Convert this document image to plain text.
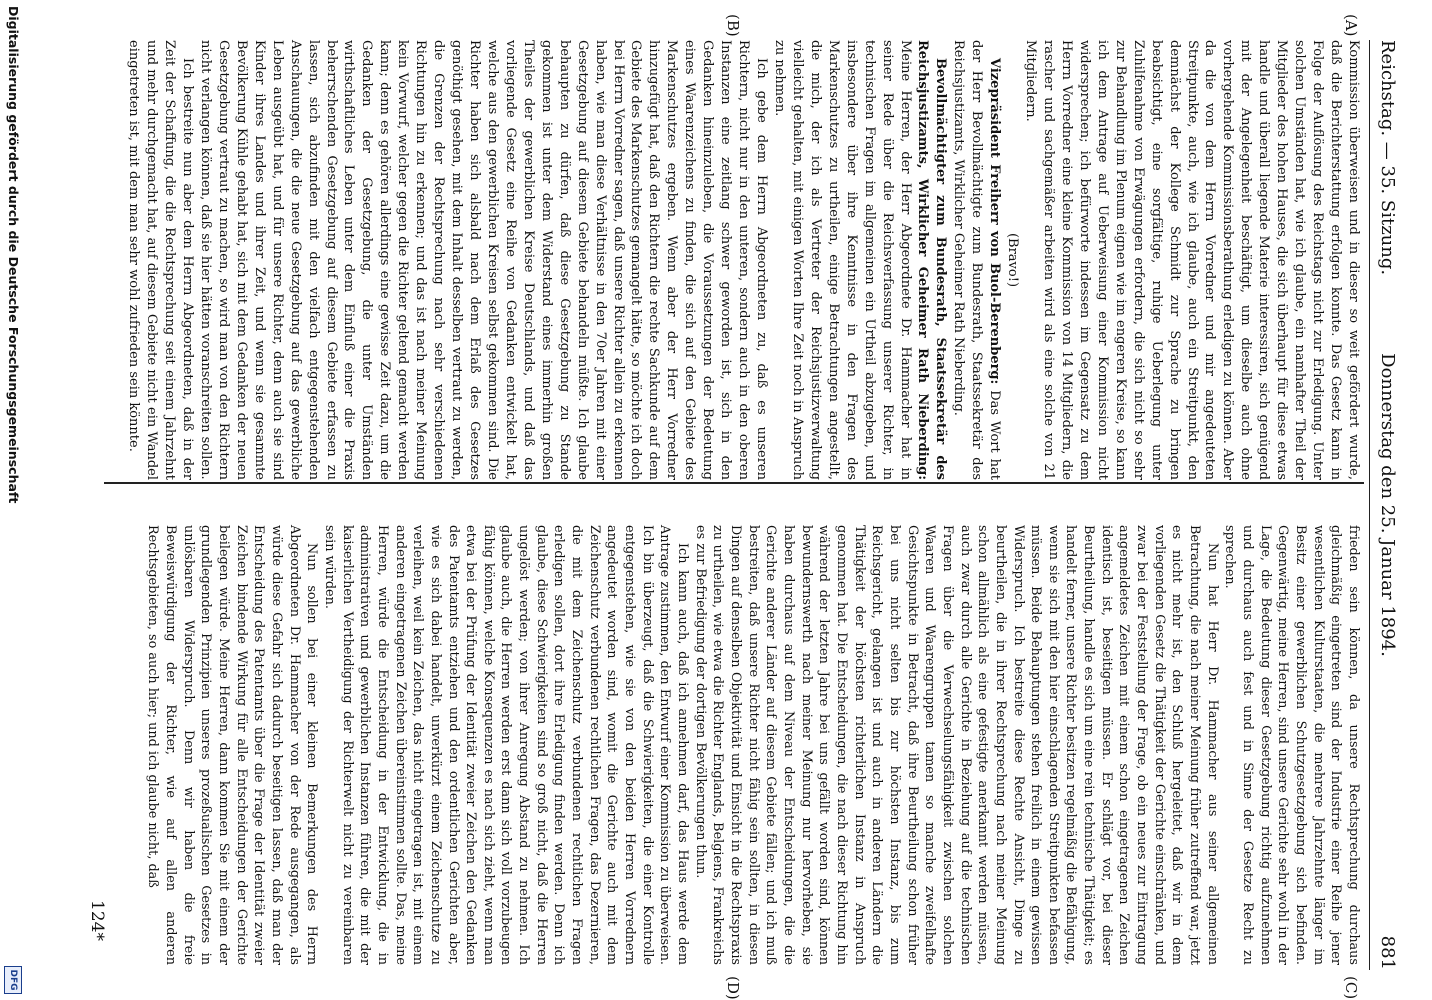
Reichstag. — 35. Sitzung.
Donnerstag den 25. Januar 1894.
881
(A)
(B)
(C)
(D)

Kommission überweisen und in dieser so weit gefördert wurde, daß die Berichterstattung erfolgen konnte. Das Gesetz kann in Folge der Auflösung des Reichstags nicht zur Erledigung. Unter solchen Umständen hat, wie ich glaube, ein namhafter Theil der Mitglieder des hohen Hauses, die sich überhaupt für diese etwas handle und überall liegende Materie interessiren, sich genügend mit der Angelegenheit beschäftigt, um dieselbe auch ohne vorhergehende Kommissionsberathung erledigen zu können. Aber da die von dem Herrn Vorredner und mir angedeuteten Streitpunkte, auch, wie ich glaube, auch ein Streitpunkt, den demnächst der Kollege Schmidt zur Sprache zu bringen beabsichtigt, eine sorgfältige, ruhige Ueberlegung unter Zuhilfenahme von Erwägungen erfordern, die sich nicht so sehr zur Behandlung im Plenum eignen wie im engeren Kreise, so kann ich dem Antrage auf Ueberweisung einer Kommission nicht widersprechen; ich befürworte indessen im Gegensatz zu dem Herrn Vorredner eine kleine Kommission von 14 Mitgliedern, die rascher und sachgemäßer arbeiten wird als eine solche von 21 Mitgliedern.

(Bravo!)

Vizepräsident Freiherr von Buol-Berenberg: Das Wort hat der Herr Bevollmächtigte zum Bundesrath, Staatssekretär des Reichsjustizamts, Wirklicher Geheimer Rath Nieberding.

Bevollmächtigter zum Bundesrath, Staatssekretär des Reichsjustizamts, Wirklicher Geheimer Rath Nieberding: Meine Herren, der Herr Abgeordnete Dr. Hammacher hat in seiner Rede über die Reichsverfassung unserer Richter, in technischen Fragen im allgemeinen ein Urtheil abzugeben, und insbesondere über ihre Kenntnisse in den Fragen des Markenschutzes zu urtheilen, einige Betrachtungen angestellt, die mich, der ich als Vertreter der Reichsjustizverwaltung vielleicht gehalten, mit einigen Worten Ihre Zeit noch in Anspruch zu nehmen.

Ich gebe dem Herrn Abgeordneten zu, daß es unseren Richtern, nicht nur in den unteren, sondern auch in den oberen Instanzen eine zeitlang schwer geworden ist, sich in den Gedanken hineinzuleben, die Voraussetzungen der Bedeutung eines Waarenzeichens zu finden, die sich auf den Gebiete des Markenschutzes ergeben. Wenn aber der Herr Vorredner hinzugefügt hat, daß den Richtern die rechte Sachkunde auf dem Gebiete des Markenschutzes gemangelt hätte, so möchte ich doch bei Herrn Vorredner sagen, daß unsere Richter allein zu erkennen haben, wie man diese Verhältnisse in den 70er Jahren mit einer Gesetzgebung auf diesem Gebiete behandeln müßte. Ich glaube behaupten zu dürfen, daß diese Gesetzgebung zu Stande gekommen ist unter dem Widerstand eines immerhin großen Theiles der gewerblichen Kreise Deutschlands, und daß das vorliegende Gesetz eine Reihe von Gedanken entwickelt hat, welche aus den gewerblichen Kreisen selbst gekommen sind. Die Richter haben sich alsbald nach dem Erlaß des Gesetzes genöthigt gesehen, mit dem Inhalt desselben vertraut zu werden, die Grenzen der Rechtsprechung nach sehr verschiedenen Richtungen hin zu erkennen; und das ist nach meiner Meinung kein Vorwurf, welcher gegen die Richter geltend gemacht werden kann; denn es gehören allerdings eine gewisse Zeit dazu, um die Gedanken der Gesetzgebung, die unter Umständen wirthschaftliches Leben unter dem Einfluß einer die Praxis beherrschenden Gesetzgebung auf diesem Gebiete erfassen zu lassen, sich abzufinden mit den vielfach entgegenstehenden Anschauungen, die die neue Gesetzgebung auf das gewerbliche Leben ausgeübt hat, und für unsere Richter, denn auch sie sind Kinder ihres Landes und ihrer Zeit, und wenn sie gesammte Bevölkerung Kühle gehabt hat, sich mit dem Gedanken der neuen Gesetzgebung vertraut zu machen, so wird man von den Richtern nicht verlangen können, daß sie hier hätten voranschreiten sollen.

Ich bestreite nun aber dem Herrn Abgeordneten, daß in der Zeit der Schaffung, die die Rechtsprechung seit einem Jahrzehnt und mehr durchgemacht hat, auf diesem Gebiete nicht ein Wandel eingetreten ist, mit dem man sehr wohl zufrieden sein könnte.

frieden sein können, da unsere Rechtsprechung durchaus gleichmäßig eingetreten sind der Industrie einer Reihe jener wesentlichen Kulturstaaten, die mehrere Jahrzehnte länger im Besitz einer gewerblichen Schutzgesetzgebung sich befinden. Gegenwärtig, meine Herren, sind unsere Gerichte sehr wohl in der Lage, die Bedeutung dieser Gesetzgebung richtig aufzunehmen und durchaus auch fest und in Sinne der Gesetze Recht zu sprechen.

Nun hat Herr Dr. Hammacher aus seiner allgemeinen Betrachtung, die nach meiner Meinung früher zutreffend war, jetzt es nicht mehr ist, den Schluß hergeleitet, daß wir in dem vorliegenden Gesetz die Thätigkeit der Gerichte einschränken, und zwar bei der Feststellung der Frage, ob ein neues zur Eintragung angemeldetes Zeichen mit einem schon eingetragenen Zeichen identisch ist, beseitigen müssen. Er schlägt vor, bei dieser Beurtheilung, handle es sich um eine rein technische Thätigkeit; es handelt ferner, unsere Richter besitzen regelmäßig die Befähigung, wenn sie sich mit den hier einschlagenden Streitpunkten befassen müssen. Beide Behauptungen stehen freilich in einem gewissen Widerspruch. Ich bestreite diese Rechte Ansicht, Dinge zu beurtheilen, die in ihrer Rechtsprechung nach meiner Meinung schon allmählich als eine gefestigte anerkannt werden müssen, auch zwar durch alle Gerichte in Beziehung auf die technischen Fragen über die Verwechselungsfähigkeit zwischen solchen Waaren und Waarengruppen tamen so manche zweifelhafte Gesichtspunkte in Betracht, daß ihre Beurtheilung schon früher bei uns nicht selten bis zur höchsten Instanz, bis zum Reichsgericht, gelangen ist und auch in anderen Ländern die Thätigkeit der höchsten richterlichen Instanz in Anspruch genommen hat. Die Entscheidungen, die nach dieser Richtung hin während der letzten Jahre bei uns gefällt worden sind, können bewundernswerth nach meiner Meinung nur hervorheben, sie haben durchaus auf dem Niveau der Entscheidungen, die die Gerichte anderer Länder auf diesem Gebiete fällen; und ich muß bestreiten, daß unsere Richter nicht fähig sein sollten, in diesen Dingen auf denselben Objektivität und Einsicht in die Rechtspraxis zu urtheilen, wie etwa die Richter Englands, Belgiens, Frankreichs es zur Befriedigung der dortigen Bevölkerungen thun.

Ich kann auch, daß ich annehmen darf, das Haus werde dem Antrage zustimmen, den Entwurf einer Kommission zu überweisen. Ich bin überzeugt, daß die Schwierigkeiten, die einer Kontrolle entgegenstehen, wie sie von den beiden Herren Vorrednern angedeutet worden sind, womit die Gerichte auch mit dem Zeichenschutz verbundenen rechtlichen Fragen, das Dezernieren, die mit dem Zeichenschutz verbundenen rechtlichen Fragen erledigen sollen, dort ihre Erledigung finden werden. Denn ich glaube, diese Schwierigkeiten sind so groß nicht, daß die Herren ungelöst werden; von ihrer Anregung Abstand zu nehmen. Ich glaube auch, die Herren werden erst dann sich voll vorzubeugen fähig können, welche Konsequenzen es nach sich zieht, wenn man etwa bei der Prüfung der Identität zweier Zeichen den Gedanken des Patentamts entziehen und den ordentlichen Gerichten aber, wie es sich dabei handelt, unverkürzt einem Zeichenschutze zu verleihen, weil kein Zeichen, das nicht eingetragen ist, mit einem anderen eingetragenen Zeichen übereinstimmen sollte. Das, meine Herren, würde die Entscheidung in der Entwicklung, die in administrativen und gewerblichen Instanzen führen, die mit der kaiserlichen Vertheidigung der Richterwelt nicht zu vereinbaren sein würden.

Nun sollen bei einer kleinen Bemerkungen des Herrn Abgeordneten Dr. Hammacher von der Rede ausgegangen, als würde diese Gefahr sich dadurch beseitigen lassen, daß man der Entscheidung des Patentamts über die Frage der Identität zweier Zeichen bindende Wirkung für alle Entscheidungen der Gerichte beilegen würde. Meine Herren, dann kommen Sie mit einem der grundlegenden Prinzipien unseres prozeßualischen Gesetzes in unlösbaren Widerspruch. Denn wir haben die freie Beweiswürdigung der Richter, wie auf allen anderen Rechtsgebieten, so auch hier; und ich glaube nicht, daß

124*
Digitalisierung gefördert durch die Deutsche Forschungsgemeinschaft
DFG
